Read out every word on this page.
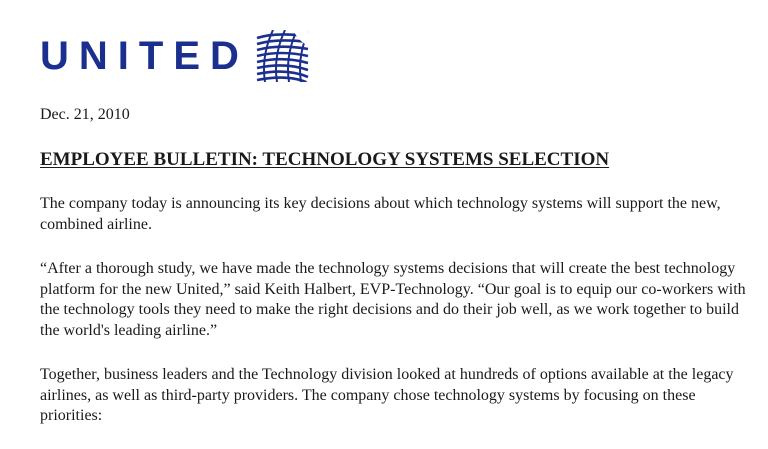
UNITED
Dec. 21, 2010
EMPLOYEE BULLETIN: TECHNOLOGY SYSTEMS SELECTION

The company today is announcing its key decisions about which technology systems will support the new, combined airline.

“After a thorough study, we have made the technology systems decisions that will create the best technology platform for the new United,” said Keith Halbert, EVP-Technology. “Our goal is to equip our co-workers with the technology tools they need to make the right decisions and do their job well, as we work together to build the world's leading airline.”

Together, business leaders and the Technology division looked at hundreds of options available at the legacy airlines, as well as third-party providers. The company chose technology systems by focusing on these priorities:
